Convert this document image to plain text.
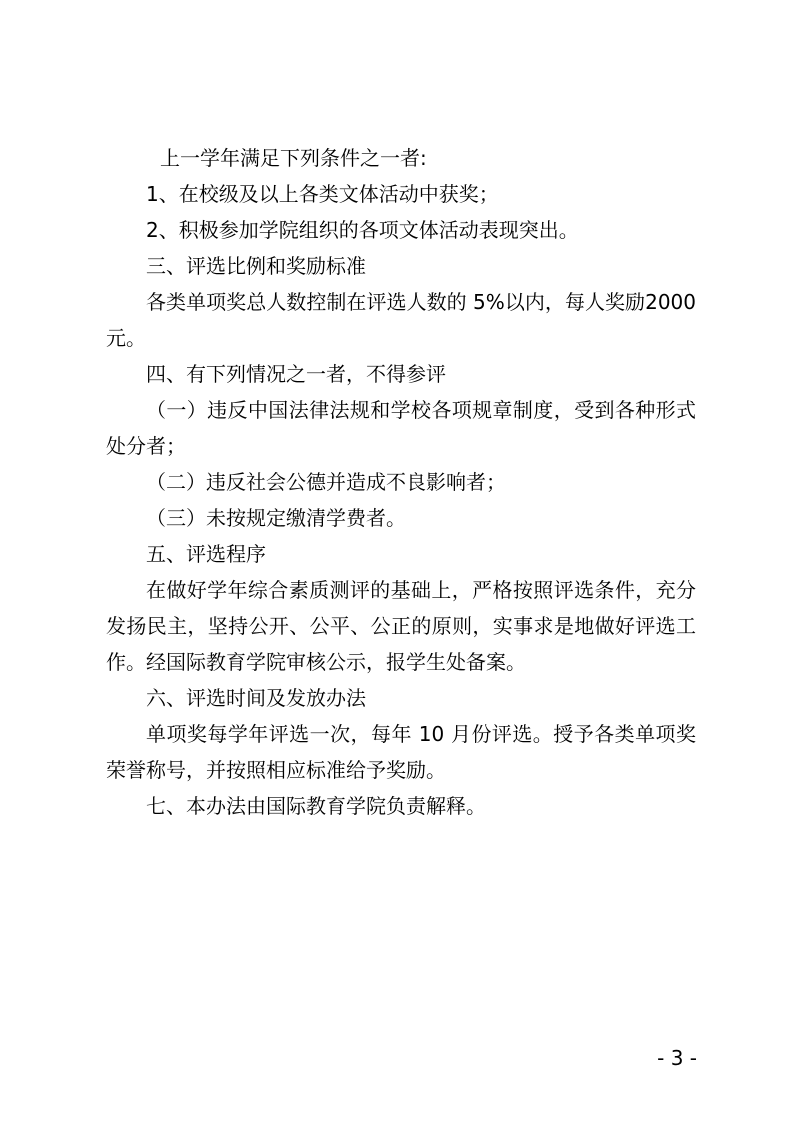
上一学年满足下列条件之一者:

1、在校级及以上各类文体活动中获奖；

2、积极参加学院组织的各项文体活动表现突出。

三、评选比例和奖励标准

各类单项奖总人数控制在评选人数的 5%以内，每人奖励2000 元。

四、有下列情况之一者，不得参评

（一）违反中国法律法规和学校各项规章制度，受到各种形式处分者；

（二）违反社会公德并造成不良影响者；

（三）未按规定缴清学费者。

五、评选程序

在做好学年综合素质测评的基础上，严格按照评选条件，充分发扬民主，坚持公开、公平、公正的原则，实事求是地做好评选工作。经国际教育学院审核公示，报学生处备案。

六、评选时间及发放办法

单项奖每学年评选一次，每年 10 月份评选。授予各类单项奖荣誉称号，并按照相应标准给予奖励。

七、本办法由国际教育学院负责解释。

- 3 -
